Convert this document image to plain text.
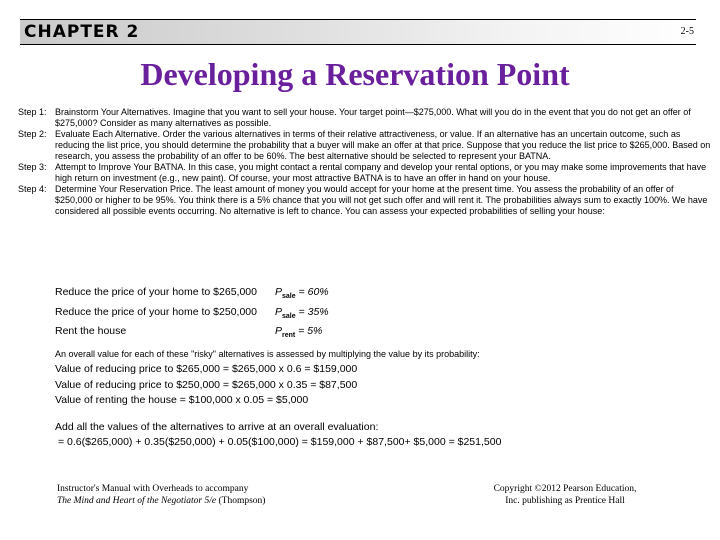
CHAPTER 2	2-5
Developing a Reservation Point
Step 1: Brainstorm Your Alternatives. Imagine that you want to sell your house. Your target point—$275,000. What will you do in the event that you do not get an offer of $275,000? Consider as many alternatives as possible.
Step 2: Evaluate Each Alternative. Order the various alternatives in terms of their relative attractiveness, or value. If an alternative has an uncertain outcome, such as reducing the list price, you should determine the probability that a buyer will make an offer at that price. Suppose that you reduce the list price to $265,000. Based on research, you assess the probability of an offer to be 60%. The best alternative should be selected to represent your BATNA.
Step 3: Attempt to Improve Your BATNA. In this case, you might contact a rental company and develop your rental options, or you may make some improvements that have high return on investment (e.g., new paint). Of course, your most attractive BATNA is to have an offer in hand on your house.
Step 4: Determine Your Reservation Price. The least amount of money you would accept for your home at the present time. You assess the probability of an offer of $250,000 or higher to be 95%. You think there is a 5% chance that you will not get such offer and will rent it. The probabilities always sum to exactly 100%. We have considered all possible events occurring. No alternative is left to chance. You can assess your expected probabilities of selling your house:
Reduce the price of your home to $265,000	$P_{sale} = 60\%$
Reduce the price of your home to $250,000	$P_{sale} = 35\%$
Rent the house	$P_{rent} = 5\%$
An overall value for each of these "risky" alternatives is assessed by multiplying the value by its probability:
Value of reducing price to $265,000 = $265,000 x 0.6 = $159,000
Value of reducing price to $250,000 = $265,000 x 0.35 = $87,500
Value of renting the house = $100,000 x 0.05 = $5,000
Add all the values of the alternatives to arrive at an overall evaluation:
= 0.6($265,000) + 0.35($250,000) + 0.05($100,000) = $159,000 + $87,500+ $5,000 = $251,500
Instructor's Manual with Overheads to accompany
The Mind and Heart of the Negotiator 5/e (Thompson)
Copyright ©2012 Pearson Education,
Inc. publishing as Prentice Hall
